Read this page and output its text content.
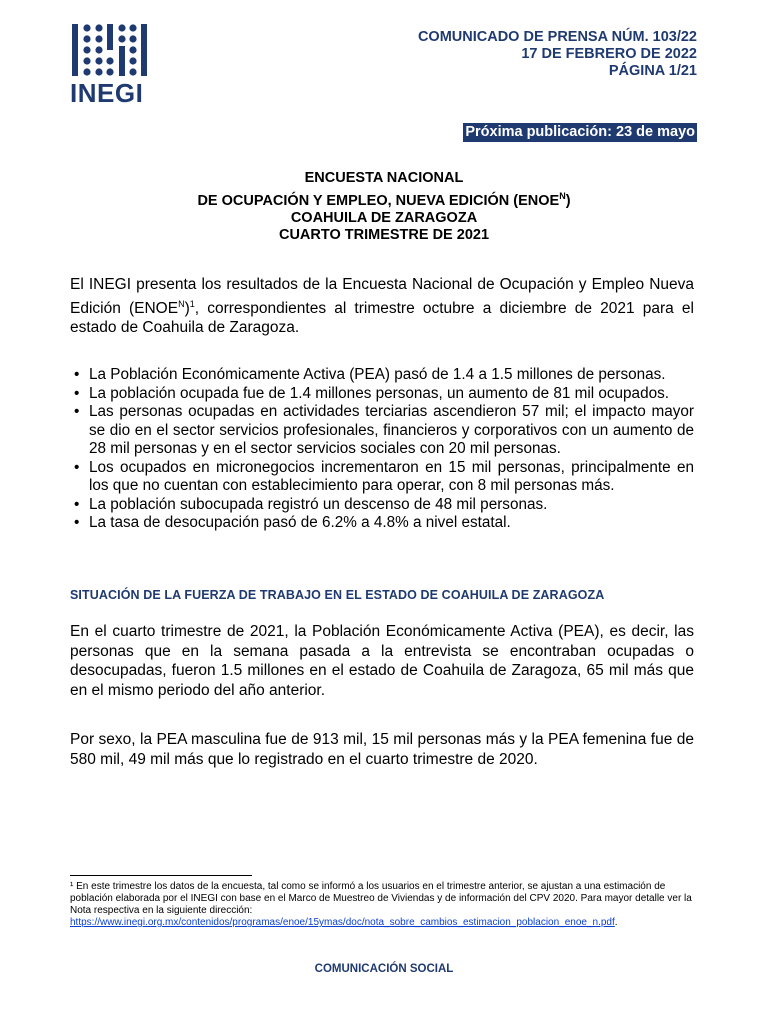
INEGI
COMUNICADO DE PRENSA NÚM. 103/22
17 DE FEBRERO DE 2022
PÁGINA 1/21
Próxima publicación: 23 de mayo
ENCUESTA NACIONAL
DE OCUPACIÓN Y EMPLEO, NUEVA EDICIÓN $(ENOE^N)$
COAHUILA DE ZARAGOZA
CUARTO TRIMESTRE DE 2021
El INEGI presenta los resultados de la Encuesta Nacional de Ocupación y Empleo Nueva Edición $(ENOE^N)^1$, correspondientes al trimestre octubre a diciembre de 2021 para el estado de Coahuila de Zaragoza.
• La Población Económicamente Activa (PEA) pasó de 1.4 a 1.5 millones de personas.
• La población ocupada fue de 1.4 millones personas, un aumento de 81 mil ocupados.
• Las personas ocupadas en actividades terciarias ascendieron 57 mil; el impacto mayor se dio en el sector servicios profesionales, financieros y corporativos con un aumento de 28 mil personas y en el sector servicios sociales con 20 mil personas.
• Los ocupados en micronegocios incrementaron en 15 mil personas, principalmente en los que no cuentan con establecimiento para operar, con 8 mil personas más.
• La población subocupada registró un descenso de 48 mil personas.
• La tasa de desocupación pasó de 6.2% a 4.8% a nivel estatal.
SITUACIÓN DE LA FUERZA DE TRABAJO EN EL ESTADO DE COAHUILA DE ZARAGOZA
En el cuarto trimestre de 2021, la Población Económicamente Activa (PEA), es decir, las personas que en la semana pasada a la entrevista se encontraban ocupadas o desocupadas, fueron 1.5 millones en el estado de Coahuila de Zaragoza, 65 mil más que en el mismo periodo del año anterior.
Por sexo, la PEA masculina fue de 913 mil, 15 mil personas más y la PEA femenina fue de 580 mil, 49 mil más que lo registrado en el cuarto trimestre de 2020.
¹ En este trimestre los datos de la encuesta, tal como se informó a los usuarios en el trimestre anterior, se ajustan a una estimación de población elaborada por el INEGI con base en el Marco de Muestreo de Viviendas y de información del CPV 2020. Para mayor detalle ver la Nota respectiva en la siguiente dirección:
https://www.inegi.org.mx/contenidos/programas/enoe/15ymas/doc/nota_sobre_cambios_estimacion_poblacion_enoe_n.pdf.
COMUNICACIÓN SOCIAL
